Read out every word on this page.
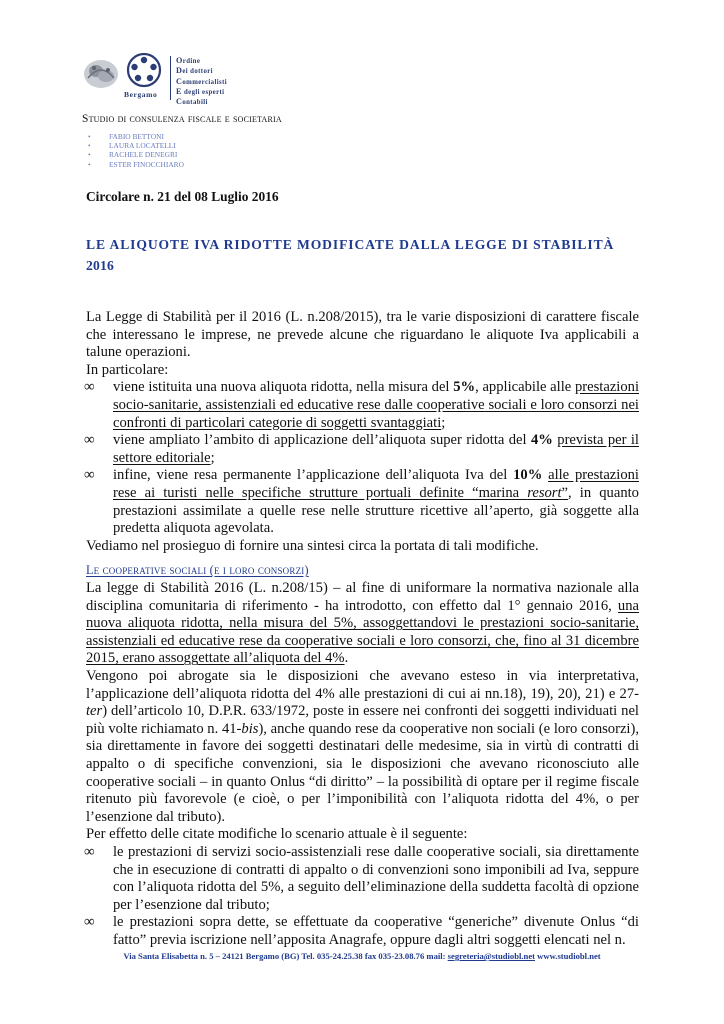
Bergamo
Ordine
Dei dottori
Commercialisti
E degli esperti
Contabili
Studio di consulenza fiscale e societaria
• FABIO BETTONI
• LAURA LOCATELLI
• RACHELE DENEGRI
• ESTER FINOCCHIARO
Circolare n. 21 del 08 Luglio 2016
LE ALIQUOTE IVA RIDOTTE MODIFICATE DALLA LEGGE DI STABILITÀ
2016

La Legge di Stabilità per il 2016 (L. n.208/2015), tra le varie disposizioni di carattere fiscale che interessano le imprese, ne prevede alcune che riguardano le aliquote Iva applicabili a talune operazioni.

In particolare:

∞ viene istituita una nuova aliquota ridotta, nella misura del 5%, applicabile alle prestazioni socio-sanitarie, assistenziali ed educative rese dalle cooperative sociali e loro consorzi nei confronti di particolari categorie di soggetti svantaggiati;

∞ viene ampliato l’ambito di applicazione dell’aliquota super ridotta del 4% prevista per il settore editoriale;

∞ infine, viene resa permanente l’applicazione dell’aliquota Iva del 10% alle prestazioni rese ai turisti nelle specifiche strutture portuali definite “marina resort”, in quanto prestazioni assimilate a quelle rese nelle strutture ricettive all’aperto, già soggette alla predetta aliquota agevolata.

Vediamo nel prosieguo di fornire una sintesi circa la portata di tali modifiche.

Le cooperative sociali (e i loro consorzi)

La legge di Stabilità 2016 (L. n.208/15) – al fine di uniformare la normativa nazionale alla disciplina comunitaria di riferimento - ha introdotto, con effetto dal 1° gennaio 2016, una nuova aliquota ridotta, nella misura del 5%, assoggettandovi le prestazioni socio-sanitarie, assistenziali ed educative rese da cooperative sociali e loro consorzi, che, fino al 31 dicembre 2015, erano assoggettate all’aliquota del 4%.

Vengono poi abrogate sia le disposizioni che avevano esteso in via interpretativa, l’applicazione dell’aliquota ridotta del 4% alle prestazioni di cui ai nn.18), 19), 20), 21) e 27-ter) dell’articolo 10, D.P.R. 633/1972, poste in essere nei confronti dei soggetti individuati nel più volte richiamato n. 41-bis), anche quando rese da cooperative non sociali (e loro consorzi), sia direttamente in favore dei soggetti destinatari delle medesime, sia in virtù di contratti di appalto o di specifiche convenzioni, sia le disposizioni che avevano riconosciuto alle cooperative sociali – in quanto Onlus “di diritto” – la possibilità di optare per il regime fiscale ritenuto più favorevole (e cioè, o per l’imponibilità con l’aliquota ridotta del 4%, o per l’esenzione dal tributo).

Per effetto delle citate modifiche lo scenario attuale è il seguente:

∞ le prestazioni di servizi socio-assistenziali rese dalle cooperative sociali, sia direttamente che in esecuzione di contratti di appalto o di convenzioni sono imponibili ad Iva, seppure con l’aliquota ridotta del 5%, a seguito dell’eliminazione della suddetta facoltà di opzione per l’esenzione dal tributo;

∞ le prestazioni sopra dette, se effettuate da cooperative “generiche” divenute Onlus “di fatto” previa iscrizione nell’apposita Anagrafe, oppure dagli altri soggetti elencati nel n.

Via Santa Elisabetta n. 5 – 24121 Bergamo (BG) Tel. 035-24.25.38 fax 035-23.08.76 mail: segreteria@studiobl.net www.studiobl.net
